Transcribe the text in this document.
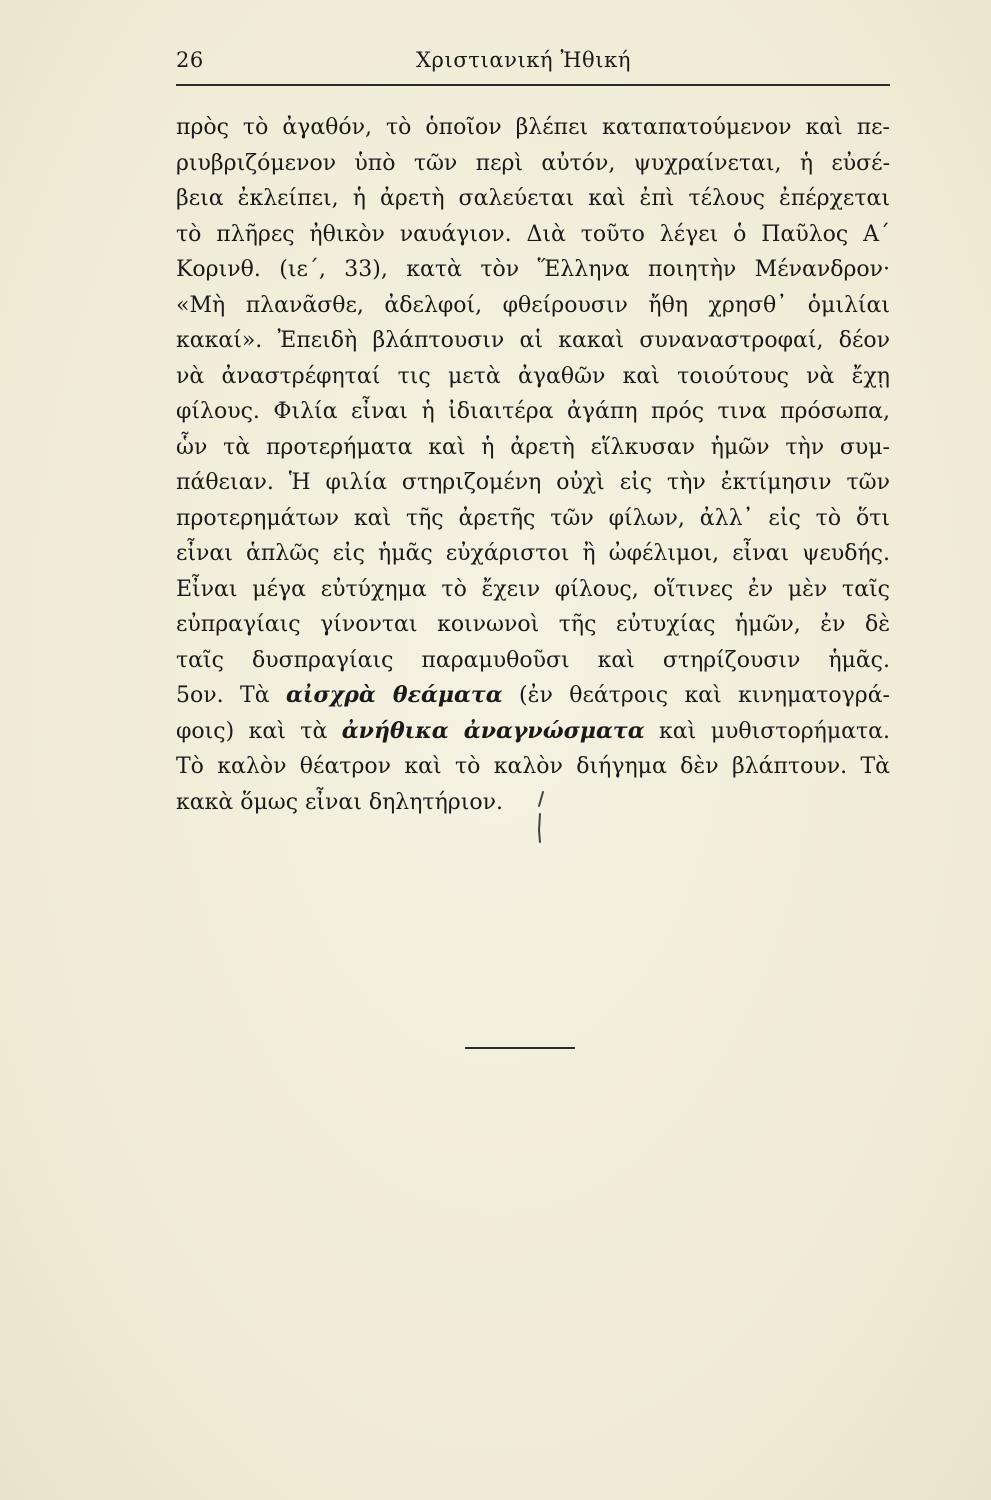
26	Χριστιανική Ἠθική
πρὸς τὸ ἀγαθόν, τὸ ὁποῖον βλέπει καταπατούμενον καὶ πε-
ριυβριζόμενον ὑπὸ τῶν περὶ αὐτόν, ψυχραίνεται, ἡ εὐσέ-
βεια ἐκλείπει, ἡ ἀρετὴ σαλεύεται καὶ ἐπὶ τέλους ἐπέρχεται
τὸ πλῆρες ἠθικὸν ναυάγιον. Διὰ τοῦτο λέγει ὁ Παῦλος Α΄
Κορινθ. (ιε΄, 33), κατὰ τὸν Ἕλληνα ποιητὴν Μένανδρον·
«Μὴ πλανᾶσθε, ἀδελφοί, φθείρουσιν ἤθη χρησθ᾽ ὁμιλίαι
κακαί». Ἐπειδὴ βλάπτουσιν αἱ κακαὶ συναναστροφαί, δέον
νὰ ἀναστρέφηταί τις μετὰ ἀγαθῶν καὶ τοιούτους νὰ ἔχῃ
φίλους. Φιλία εἶναι ἡ ἰδιαιτέρα ἀγάπη πρός τινα πρόσωπα,
ὧν τὰ προτερήματα καὶ ἡ ἀρετὴ εἵλκυσαν ἡμῶν τὴν συμ-
πάθειαν. Ἡ φιλία στηριζομένη οὐχὶ εἰς τὴν ἐκτίμησιν τῶν
προτερημάτων καὶ τῆς ἀρετῆς τῶν φίλων, ἀλλ᾽ εἰς τὸ ὅτι
εἶναι ἁπλῶς εἰς ἡμᾶς εὐχάριστοι ἢ ὠφέλιμοι, εἶναι ψευδής.
Εἶναι μέγα εὐτύχημα τὸ ἔχειν φίλους, οἵτινες ἐν μὲν ταῖς
εὐπραγίαις γίνονται κοινωνοὶ τῆς εὐτυχίας ἡμῶν, ἐν δὲ
ταῖς δυσπραγίαις παραμυθοῦσι καὶ στηρίζουσιν ἡμᾶς.
5ον. Τὰ αἰσχρὰ θεάματα (ἐν θεάτροις καὶ κινηματογρά-
φοις) καὶ τὰ ἀνήθικα ἀναγνώσματα καὶ μυθιστορήματα.
Τὸ καλὸν θέατρον καὶ τὸ καλὸν διήγημα δὲν βλάπτουν. Τὰ
κακὰ ὅμως εἶναι δηλητήριον.
